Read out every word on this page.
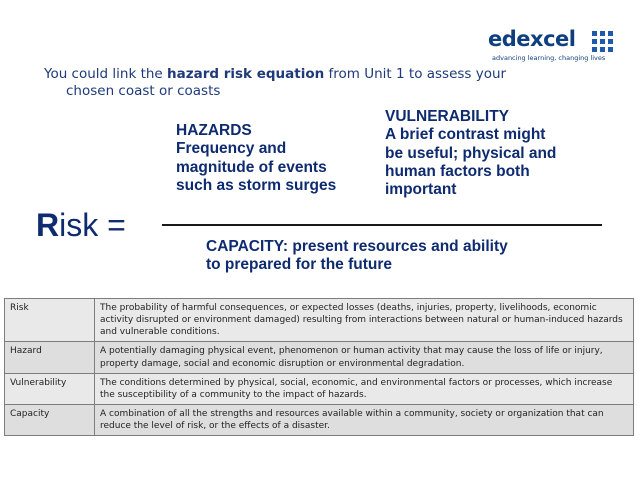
edexcel
advancing learning, changing lives
You could link the hazard risk equation from Unit 1 to assess your
chosen coast or coasts
HAZARDS
Frequency and
magnitude of events
such as storm surges
VULNERABILITY
A brief contrast might
be useful; physical and
human factors both
important
Risk =
CAPACITY: present resources and ability
to prepared for the future
Risk	The probability of harmful consequences, or expected losses (deaths, injuries, property, livelihoods, economic activity disrupted or environment damaged) resulting from interactions between natural or human-induced hazards and vulnerable conditions.
Hazard	A potentially damaging physical event, phenomenon or human activity that may cause the loss of life or injury, property damage, social and economic disruption or environmental degradation.
Vulnerability	The conditions determined by physical, social, economic, and environmental factors or processes, which increase the susceptibility of a community to the impact of hazards.
Capacity	A combination of all the strengths and resources available within a community, society or organization that can reduce the level of risk, or the effects of a disaster.
